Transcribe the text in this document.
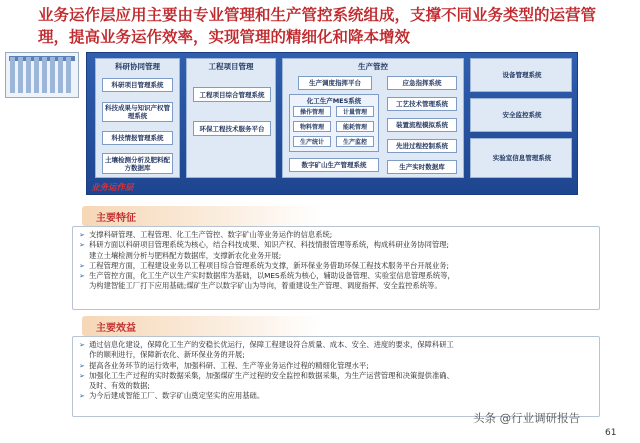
业务运作层应用主要由专业管理和生产管控系统组成，支撑不同业务类型的运营管理，提高业务运作效率，实现管理的精细化和降本增效
科研协同管理
科研项目管理系统
科技成果与知识产权管理系统
科技情报管理系统
土壤检测分析及肥料配方数据库
工程项目管理
工程项目综合管理系统
环保工程技术服务平台
生产管控
生产调度指挥平台
化工生产MES系统
操作管理	计量管理
物料管理	能耗管理
生产统计	生产监控
数字矿山生产管理系统
应急指挥系统
工艺技术管理系统
装置流程模拟系统
先进过程控制系统
生产实时数据库
设备管理系统
安全监控系统
实验室信息管理系统
业务运作层
主要特征
➢ 支撑科研管理、工程管理、化工生产管控、数字矿山等业务运作的信息系统;
➢ 科研方面以科研项目管理系统为核心，结合科技成果、知识产权、科技情报管理等系统，构成科研业务协同管理;
建立土壤检测分析与肥料配方数据库，支撑新农化业务开展;
➢ 工程管理方面，工程建设业务以工程项目综合管理系统为支撑，新环保业务借助环保工程技术服务平台开展业务;
➢ 生产管控方面，化工生产以生产实时数据库为基础，以MES系统为核心，辅助设备管理、实验室信息管理系统等，
为构建智能工厂打下应用基础;煤矿生产以数字矿山为导向，着重建设生产管理、调度指挥、安全监控系统等。
主要效益
➢ 通过信息化建设，保障化工生产的安稳长优运行，保障工程建设符合质量、成本、安全、进度的要求，保障科研工
作的顺利进行，保障新农化、新环保业务的开展;
➢ 提高各业务环节的运行效率，加强科研、工程、生产等业务运作过程的精细化管理水平;
➢ 加强化工生产过程的实时数据采集，加强煤矿生产过程的安全监控和数据采集，为生产运营管理和决策提供准确、
及时、有效的数据;
➢ 为今后建成智能工厂、数字矿山奠定坚实的应用基础。
头条 @行业调研报告
61
